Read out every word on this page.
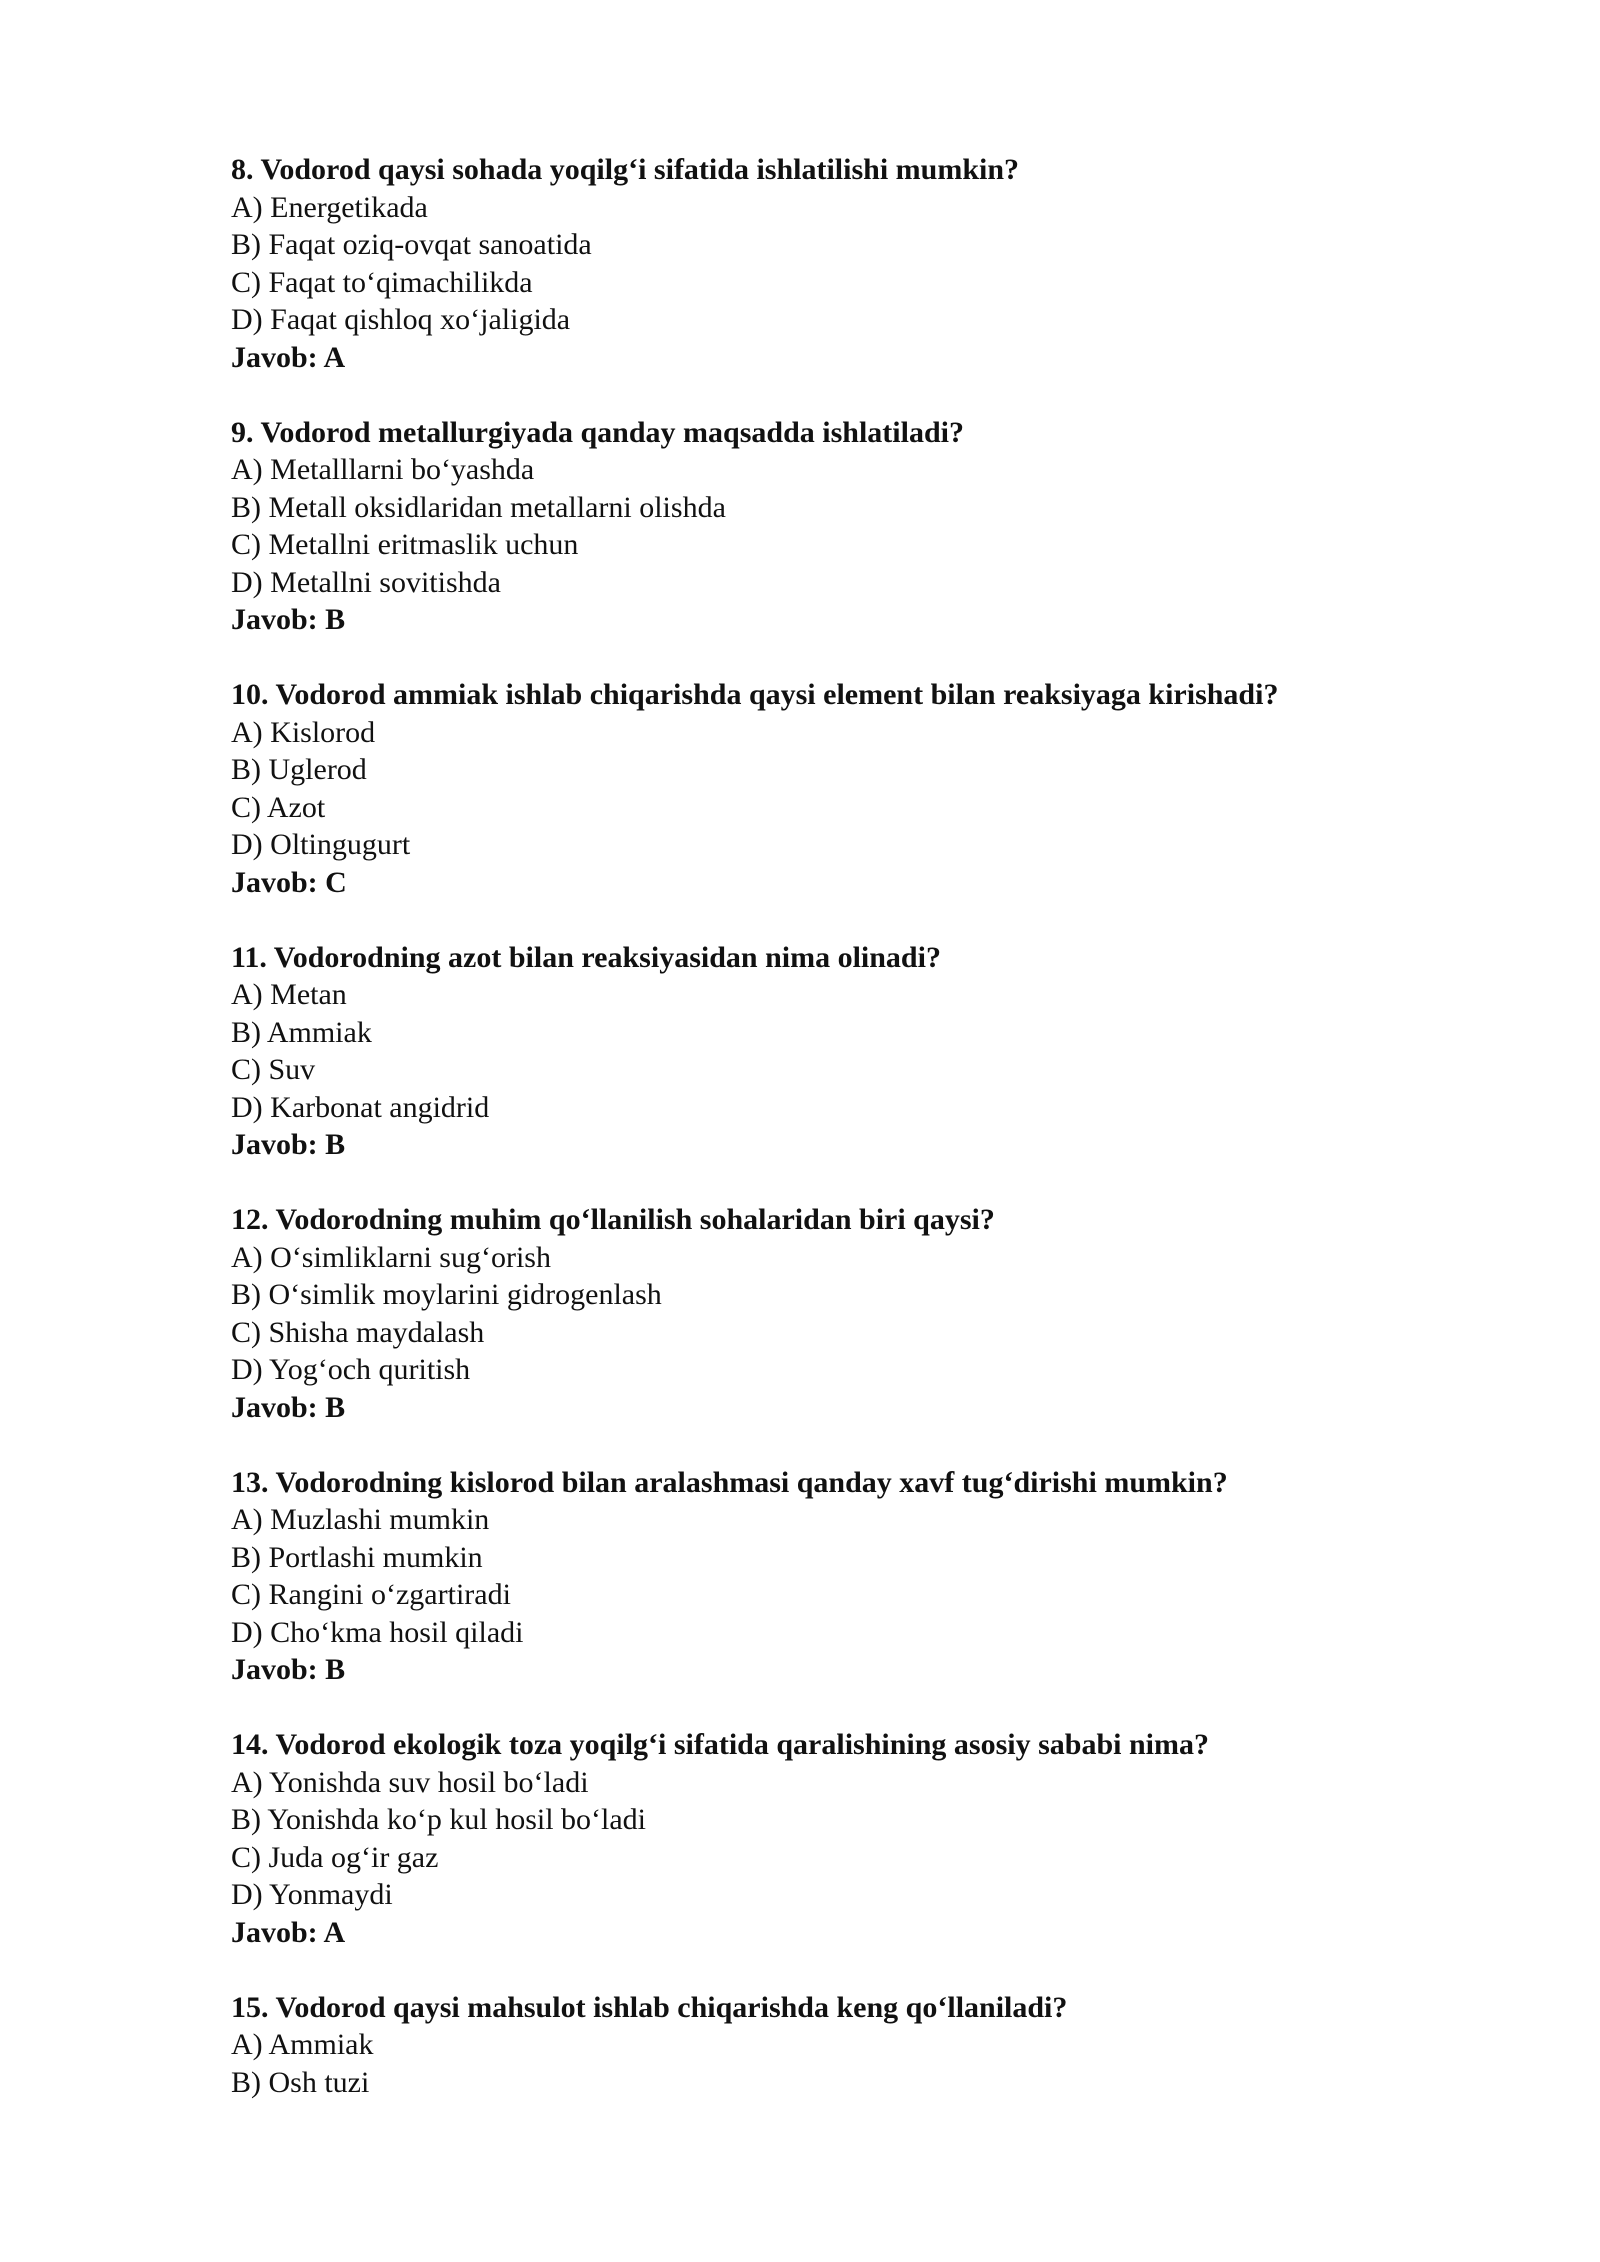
8. Vodorod qaysi sohada yoqilg‘i sifatida ishlatilishi mumkin?
A) Energetikada
B) Faqat oziq-ovqat sanoatida
C) Faqat to‘qimachilikda
D) Faqat qishloq xo‘jaligida
Javob: A
9. Vodorod metallurgiyada qanday maqsadda ishlatiladi?
A) Metalllarni bo‘yashda
B) Metall oksidlaridan metallarni olishda
C) Metallni eritmaslik uchun
D) Metallni sovitishda
Javob: B
10. Vodorod ammiak ishlab chiqarishda qaysi element bilan reaksiyaga kirishadi?
A) Kislorod
B) Uglerod
C) Azot
D) Oltingugurt
Javob: C
11. Vodorodning azot bilan reaksiyasidan nima olinadi?
A) Metan
B) Ammiak
C) Suv
D) Karbonat angidrid
Javob: B
12. Vodorodning muhim qo‘llanilish sohalaridan biri qaysi?
A) O‘simliklarni sug‘orish
B) O‘simlik moylarini gidrogenlash
C) Shisha maydalash
D) Yog‘och quritish
Javob: B
13. Vodorodning kislorod bilan aralashmasi qanday xavf tug‘dirishi mumkin?
A) Muzlashi mumkin
B) Portlashi mumkin
C) Rangini o‘zgartiradi
D) Cho‘kma hosil qiladi
Javob: B
14. Vodorod ekologik toza yoqilg‘i sifatida qaralishining asosiy sababi nima?
A) Yonishda suv hosil bo‘ladi
B) Yonishda ko‘p kul hosil bo‘ladi
C) Juda og‘ir gaz
D) Yonmaydi
Javob: A
15. Vodorod qaysi mahsulot ishlab chiqarishda keng qo‘llaniladi?
A) Ammiak
B) Osh tuzi
